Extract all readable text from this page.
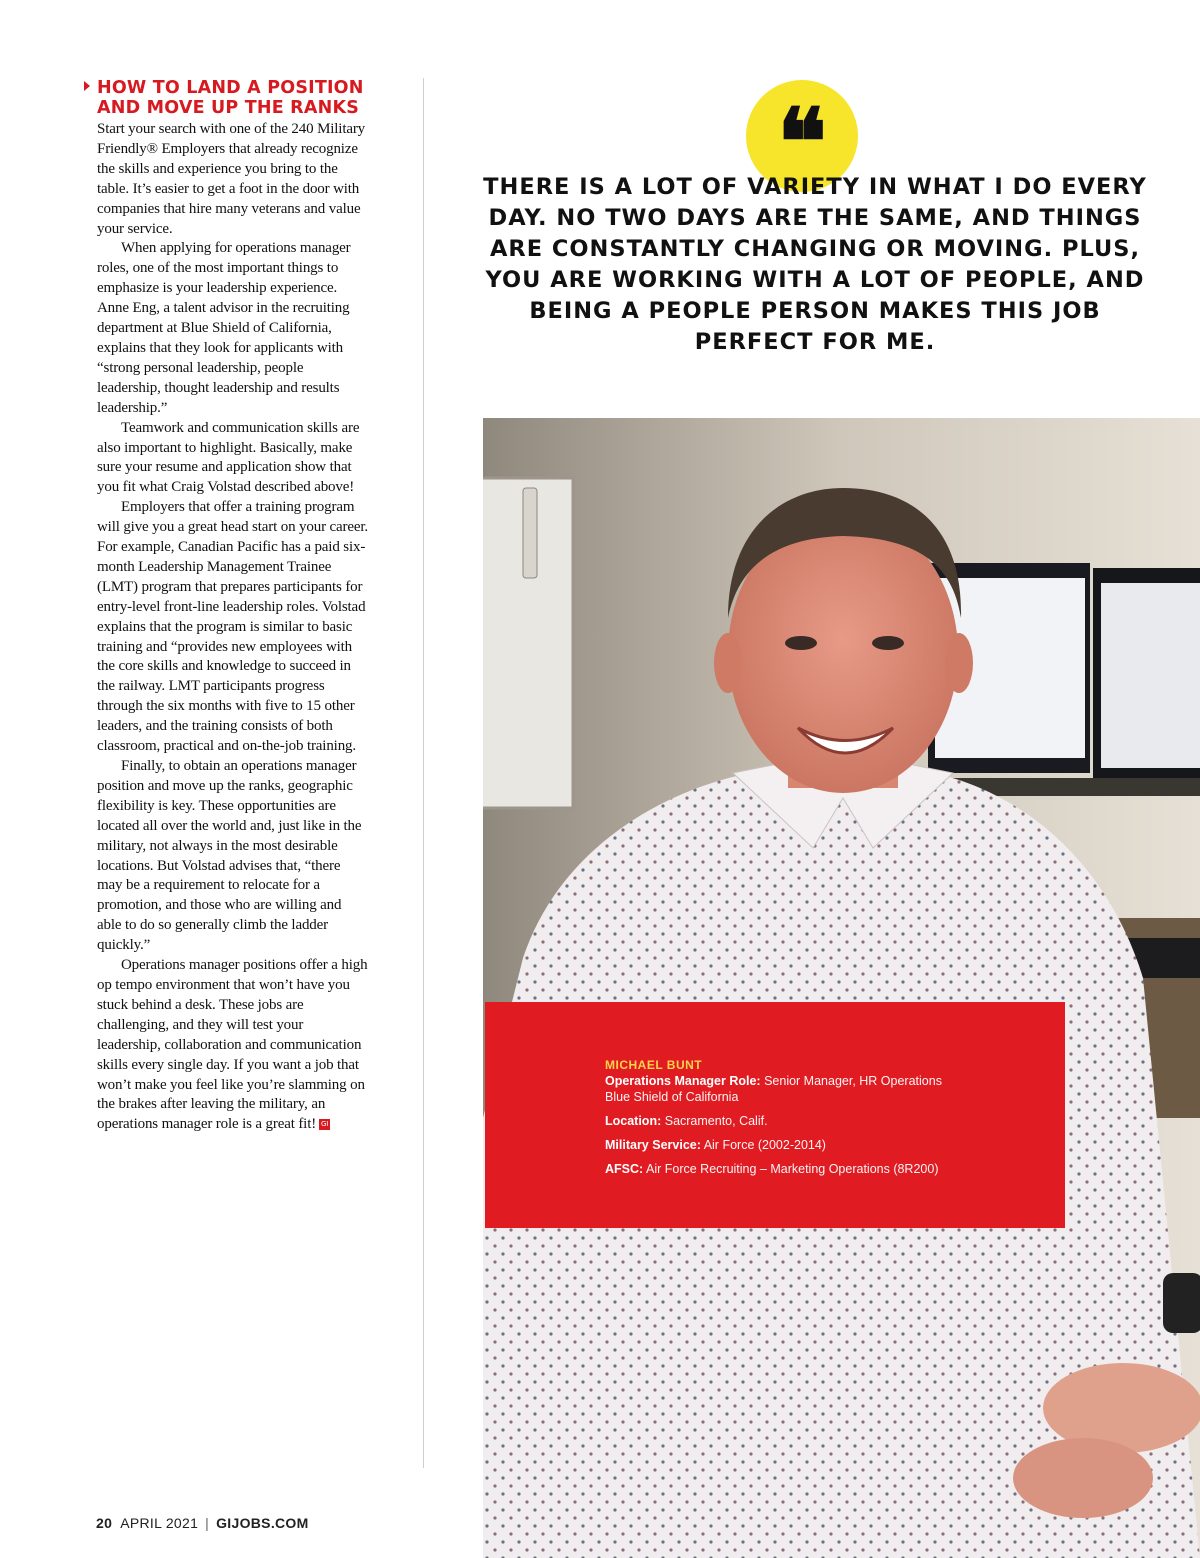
HOW TO LAND A POSITION AND MOVE UP THE RANKS

Start your search with one of the 240 Military Friendly® Employers that already recognize the skills and experience you bring to the table. It’s easier to get a foot in the door with companies that hire many veterans and value your service.

When applying for operations manager roles, one of the most important things to emphasize is your leadership experience. Anne Eng, a talent advisor in the recruiting department at Blue Shield of California, explains that they look for applicants with “strong personal leadership, people leadership, thought leadership and results leadership.”

Teamwork and communication skills are also important to highlight. Basically, make sure your resume and application show that you fit what Craig Volstad described above!

Employers that offer a training program will give you a great head start on your career. For example, Canadian Pacific has a paid six-month Leadership Management Trainee (LMT) program that prepares participants for entry-level front-line leadership roles. Volstad explains that the program is similar to basic training and “provides new employees with the core skills and knowledge to succeed in the railway. LMT participants progress through the six months with five to 15 other leaders, and the training consists of both classroom, practical and on-the-job training.

Finally, to obtain an operations manager position and move up the ranks, geographic flexibility is key. These opportunities are located all over the world and, just like in the military, not always in the most desirable locations. But Volstad advises that, “there may be a requirement to relocate for a promotion, and those who are willing and able to do so generally climb the ladder quickly.”

Operations manager positions offer a high op tempo environment that won’t have you stuck behind a desk. These jobs are challenging, and they will test your leadership, collaboration and communication skills every single day. If you want a job that won’t make you feel like you’re slamming on the brakes after leaving the military, an operations manager role is a great fit! GI

❝
THERE IS A LOT OF VARIETY IN WHAT I DO EVERY DAY. NO TWO DAYS ARE THE SAME, AND THINGS ARE CONSTANTLY CHANGING OR MOVING. PLUS, YOU ARE WORKING WITH A LOT OF PEOPLE, AND BEING A PEOPLE PERSON MAKES THIS JOB PERFECT FOR ME.
MICHAEL BUNT
Operations Manager Role: Senior Manager, HR Operations
Blue Shield of California
Location: Sacramento, Calif.
Military Service: Air Force (2002-2014)
AFSC: Air Force Recruiting – Marketing Operations (8R200)
20 APRIL 2021 | GIJOBS.COM
